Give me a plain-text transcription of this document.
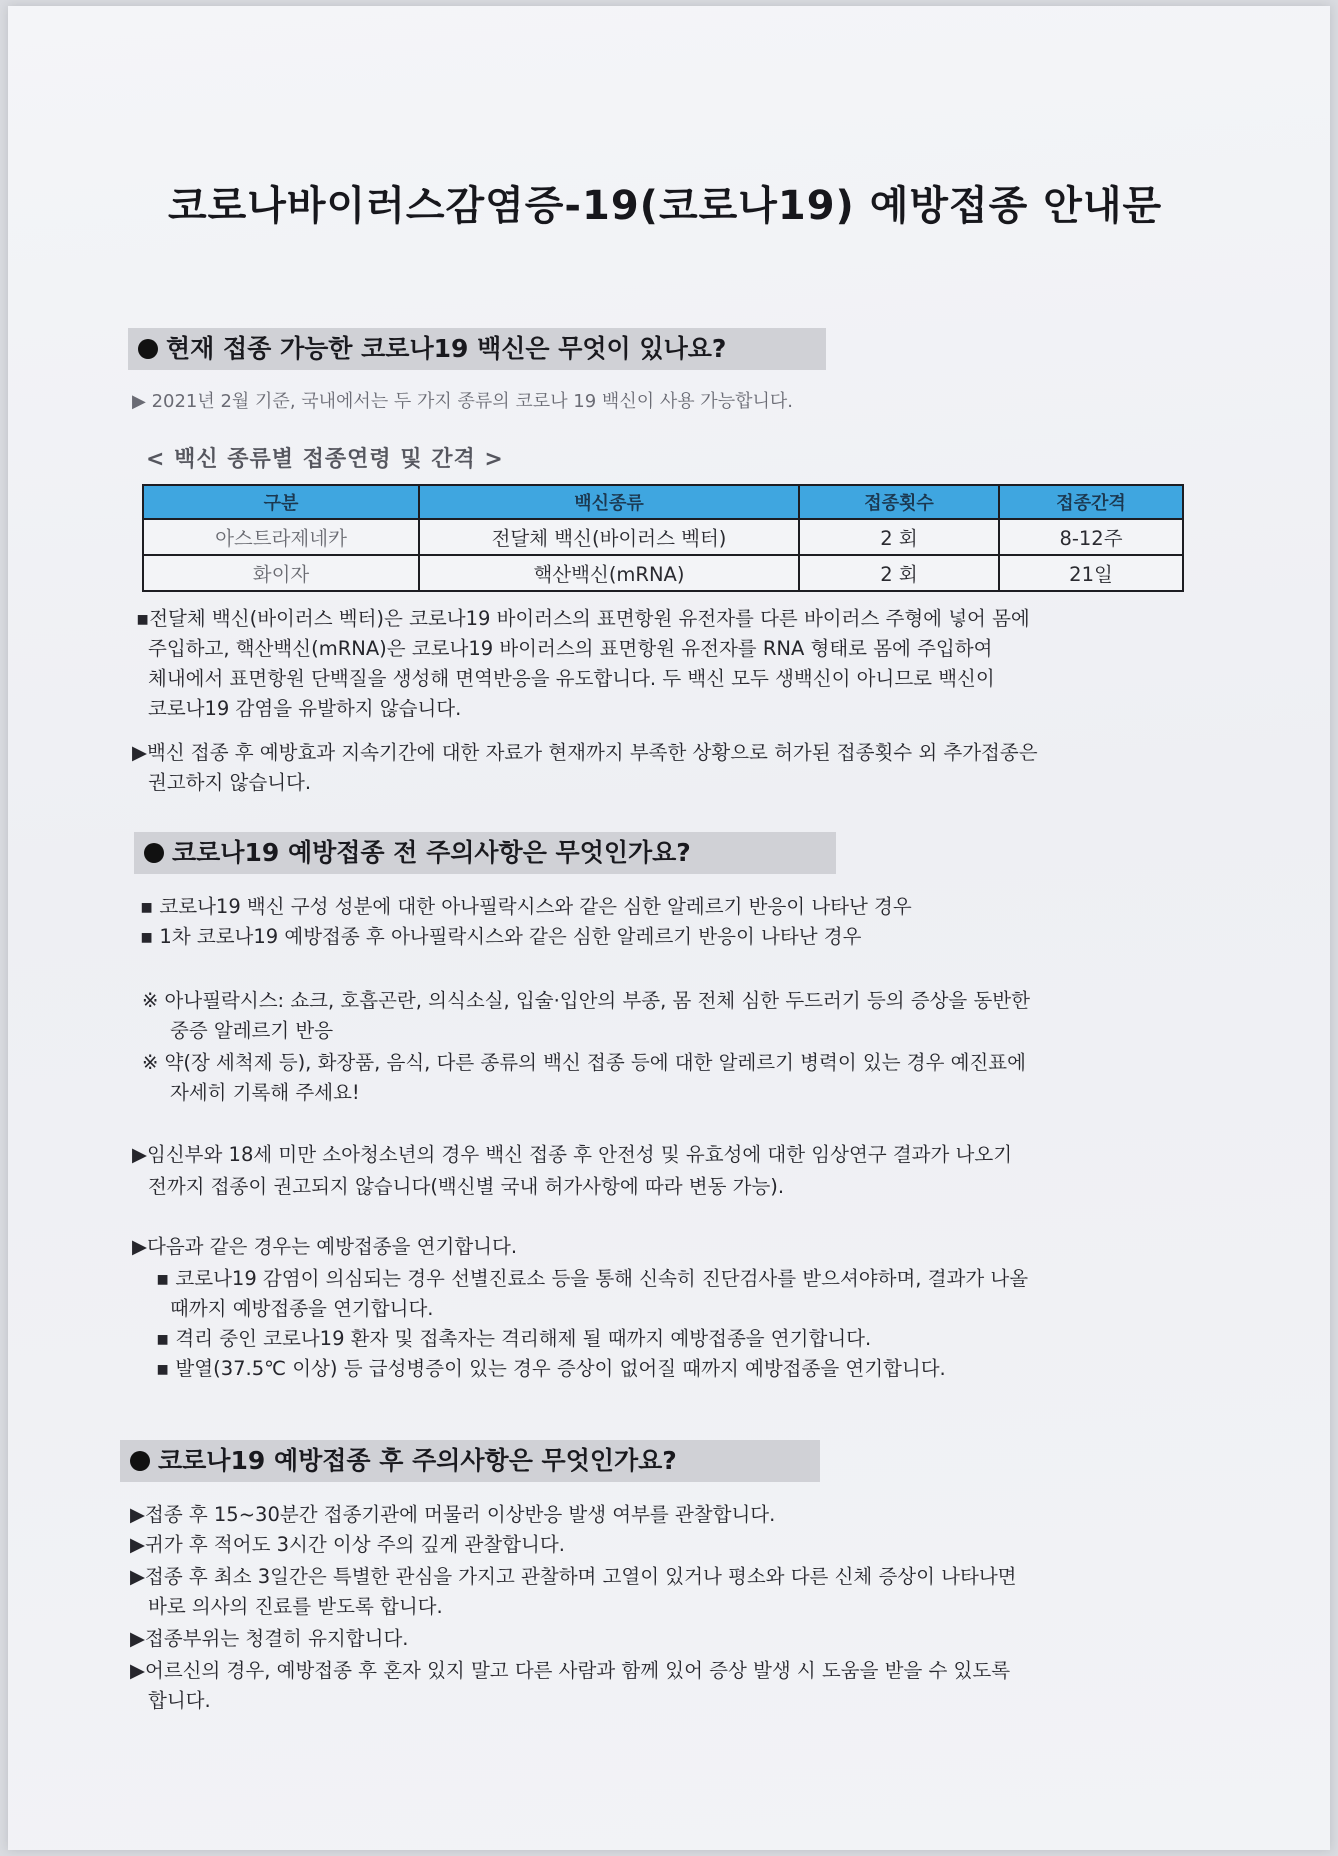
코로나바이러스감염증-19(코로나19) 예방접종 안내문
현재 접종 가능한 코로나19 백신은 무엇이 있나요?
▶ 2021년 2월 기준, 국내에서는 두 가지 종류의 코로나 19 백신이 사용 가능합니다.
< 백신 종류별 접종연령 및 간격 >
구분	백신종류	접종횟수	접종간격
아스트라제네카	전달체 백신(바이러스 벡터)	2 회	8-12주
화이자	핵산백신(mRNA)	2 회	21일
▪전달체 백신(바이러스 벡터)은 코로나19 바이러스의 표면항원 유전자를 다른 바이러스 주형에 넣어 몸에
주입하고, 핵산백신(mRNA)은 코로나19 바이러스의 표면항원 유전자를 RNA 형태로 몸에 주입하여
체내에서 표면항원 단백질을 생성해 면역반응을 유도합니다. 두 백신 모두 생백신이 아니므로 백신이
코로나19 감염을 유발하지 않습니다.
▶백신 접종 후 예방효과 지속기간에 대한 자료가 현재까지 부족한 상황으로 허가된 접종횟수 외 추가접종은
권고하지 않습니다.
코로나19 예방접종 전 주의사항은 무엇인가요?
▪ 코로나19 백신 구성 성분에 대한 아나필락시스와 같은 심한 알레르기 반응이 나타난 경우
▪ 1차 코로나19 예방접종 후 아나필락시스와 같은 심한 알레르기 반응이 나타난 경우
※ 아나필락시스: 쇼크, 호흡곤란, 의식소실, 입술·입안의 부종, 몸 전체 심한 두드러기 등의 증상을 동반한
중증 알레르기 반응
※ 약(장 세척제 등), 화장품, 음식, 다른 종류의 백신 접종 등에 대한 알레르기 병력이 있는 경우 예진표에
자세히 기록해 주세요!
▶임신부와 18세 미만 소아청소년의 경우 백신 접종 후 안전성 및 유효성에 대한 임상연구 결과가 나오기
전까지 접종이 권고되지 않습니다(백신별 국내 허가사항에 따라 변동 가능).
▶다음과 같은 경우는 예방접종을 연기합니다.
▪ 코로나19 감염이 의심되는 경우 선별진료소 등을 통해 신속히 진단검사를 받으셔야하며, 결과가 나올
때까지 예방접종을 연기합니다.
▪ 격리 중인 코로나19 환자 및 접촉자는 격리해제 될 때까지 예방접종을 연기합니다.
▪ 발열(37.5℃ 이상) 등 급성병증이 있는 경우 증상이 없어질 때까지 예방접종을 연기합니다.
코로나19 예방접종 후 주의사항은 무엇인가요?
▶접종 후 15~30분간 접종기관에 머물러 이상반응 발생 여부를 관찰합니다.
▶귀가 후 적어도 3시간 이상 주의 깊게 관찰합니다.
▶접종 후 최소 3일간은 특별한 관심을 가지고 관찰하며 고열이 있거나 평소와 다른 신체 증상이 나타나면
바로 의사의 진료를 받도록 합니다.
▶접종부위는 청결히 유지합니다.
▶어르신의 경우, 예방접종 후 혼자 있지 말고 다른 사람과 함께 있어 증상 발생 시 도움을 받을 수 있도록
합니다.
